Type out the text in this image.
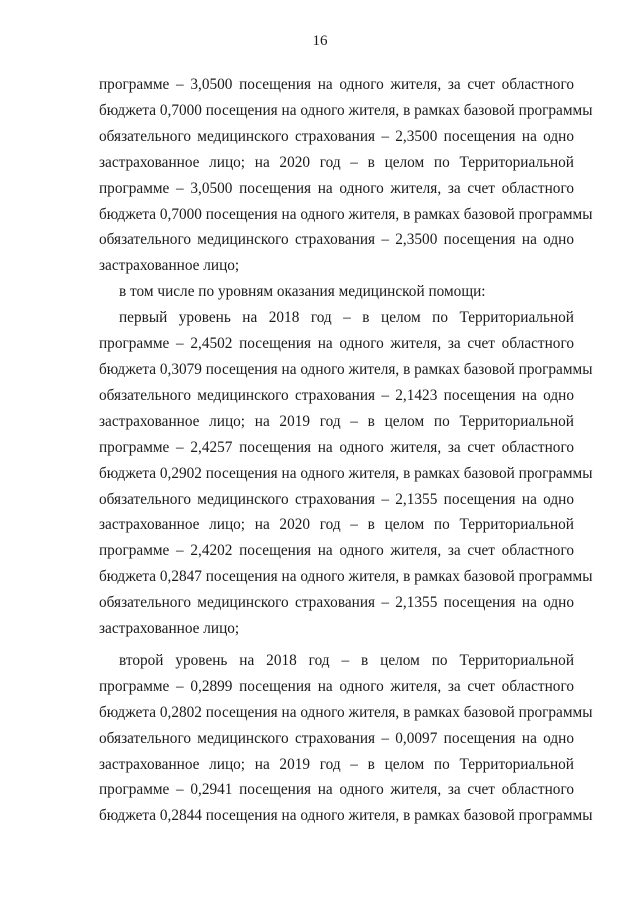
16
программе – 3,0500 посещения на одного жителя, за счет областного
бюджета 0,7000 посещения на одного жителя, в рамках базовой программы
обязательного медицинского страхования – 2,3500 посещения на одно
застрахованное лицо; на 2020 год – в целом по Территориальной
программе – 3,0500 посещения на одного жителя, за счет областного
бюджета 0,7000 посещения на одного жителя, в рамках базовой программы
обязательного медицинского страхования – 2,3500 посещения на одно
застрахованное лицо;
в том числе по уровням оказания медицинской помощи:
первый уровень на 2018 год – в целом по Территориальной
программе – 2,4502 посещения на одного жителя, за счет областного
бюджета 0,3079 посещения на одного жителя, в рамках базовой программы
обязательного медицинского страхования – 2,1423 посещения на одно
застрахованное лицо; на 2019 год – в целом по Территориальной
программе – 2,4257 посещения на одного жителя, за счет областного
бюджета 0,2902 посещения на одного жителя, в рамках базовой программы
обязательного медицинского страхования – 2,1355 посещения на одно
застрахованное лицо; на 2020 год – в целом по Территориальной
программе – 2,4202 посещения на одного жителя, за счет областного
бюджета 0,2847 посещения на одного жителя, в рамках базовой программы
обязательного медицинского страхования – 2,1355 посещения на одно
застрахованное лицо;
второй уровень на 2018 год – в целом по Территориальной
программе – 0,2899 посещения на одного жителя, за счет областного
бюджета 0,2802 посещения на одного жителя, в рамках базовой программы
обязательного медицинского страхования – 0,0097 посещения на одно
застрахованное лицо; на 2019 год – в целом по Территориальной
программе – 0,2941 посещения на одного жителя, за счет областного
бюджета 0,2844 посещения на одного жителя, в рамках базовой программы
